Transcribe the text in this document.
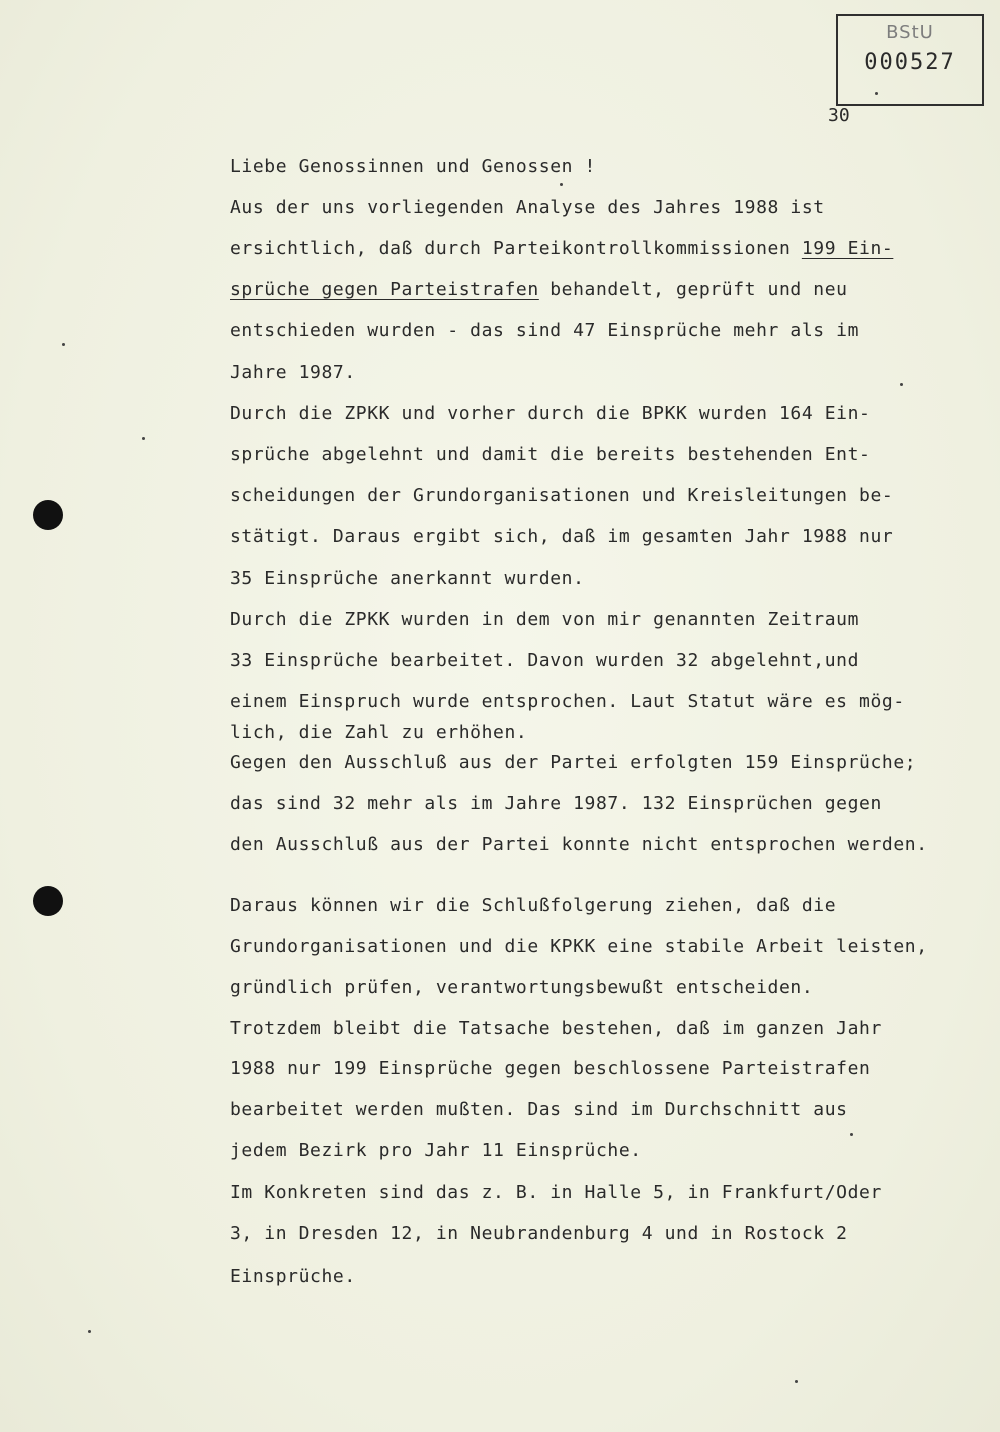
BStU
000527
30
Liebe Genossinnen und Genossen !
Aus der uns vorliegenden Analyse des Jahres 1988 ist
ersichtlich, daß durch Parteikontrollkommissionen 199 Ein-
sprüche gegen Parteistrafen behandelt, geprüft und neu
entschieden wurden - das sind 47 Einsprüche mehr als im
Jahre 1987.
Durch die ZPKK und vorher durch die BPKK wurden 164 Ein-
sprüche abgelehnt und damit die bereits bestehenden Ent-
scheidungen der Grundorganisationen und Kreisleitungen be-
stätigt. Daraus ergibt sich, daß im gesamten Jahr 1988 nur
35 Einsprüche anerkannt wurden.
Durch die ZPKK wurden in dem von mir genannten Zeitraum
33 Einsprüche bearbeitet. Davon wurden 32 abgelehnt,und
einem Einspruch wurde entsprochen. Laut Statut wäre es mög-
lich, die Zahl zu erhöhen.
Gegen den Ausschluß aus der Partei erfolgten 159 Einsprüche;
das sind 32 mehr als im Jahre 1987. 132 Einsprüchen gegen
den Ausschluß aus der Partei konnte nicht entsprochen werden.
Daraus können wir die Schlußfolgerung ziehen, daß die
Grundorganisationen und die KPKK eine stabile Arbeit leisten,
gründlich prüfen, verantwortungsbewußt entscheiden.
Trotzdem bleibt die Tatsache bestehen, daß im ganzen Jahr
1988 nur 199 Einsprüche gegen beschlossene Parteistrafen
bearbeitet werden mußten. Das sind im Durchschnitt aus
jedem Bezirk pro Jahr 11 Einsprüche.
Im Konkreten sind das z. B. in Halle 5, in Frankfurt/Oder
3, in Dresden 12, in Neubrandenburg 4 und in Rostock 2
Einsprüche.
